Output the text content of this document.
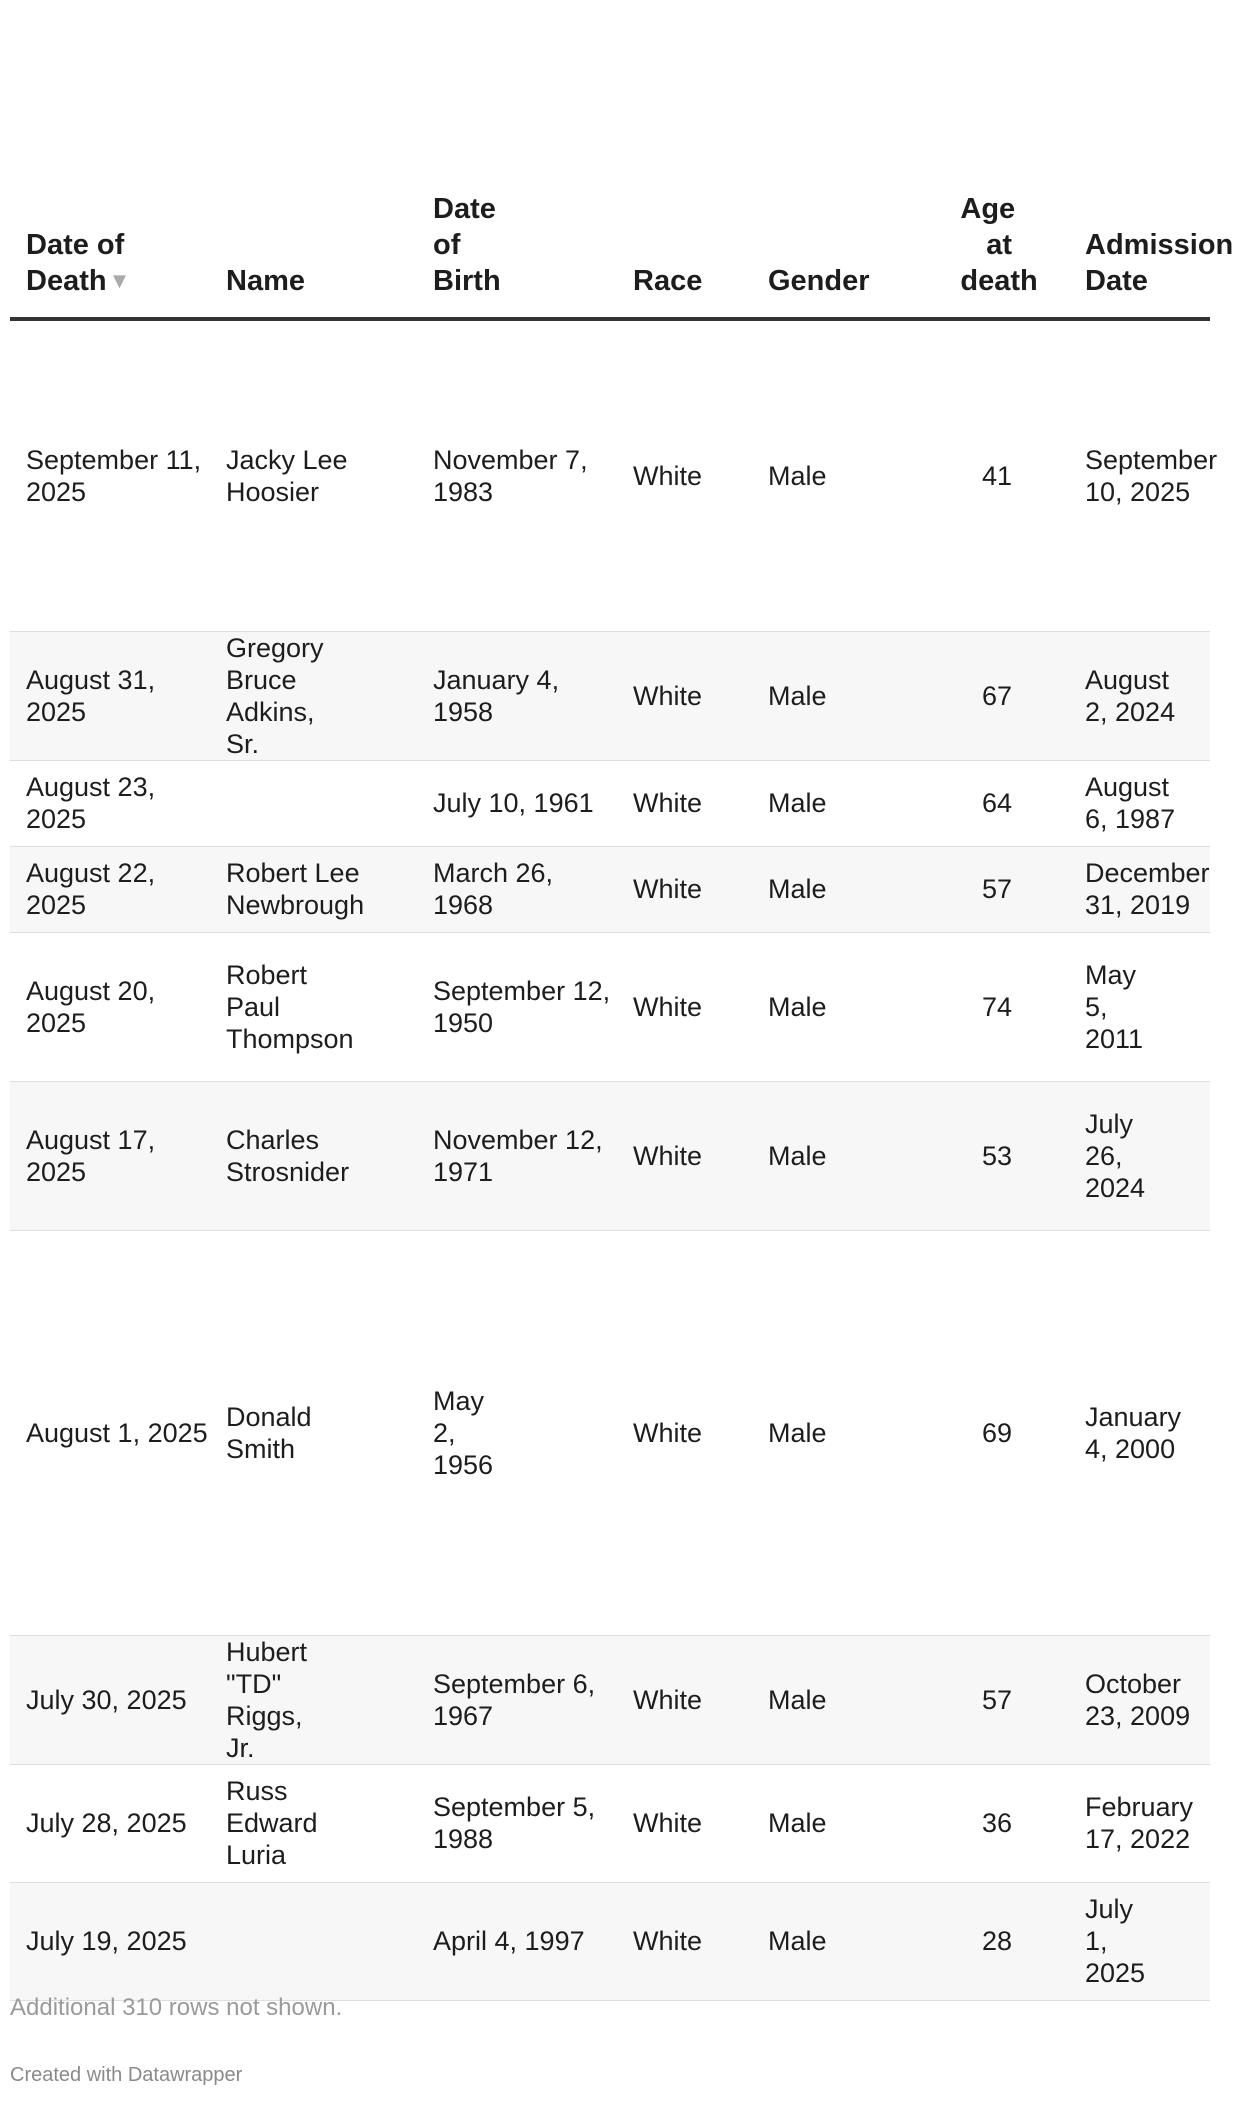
Date of Death▼	Name	Date of Birth	Race	Gender	Age at death	Admission Date
September 11, 2025	Jacky Lee Hoosier	November 7, 1983	White	Male	41	September 10, 2025
August 31, 2025	Gregory Bruce Adkins, Sr.	January 4, 1958	White	Male	67	August 2, 2024
August 23, 2025		July 10, 1961	White	Male	64	August 6, 1987
August 22, 2025	Robert Lee Newbrough	March 26, 1968	White	Male	57	December 31, 2019
August 20, 2025	Robert Paul Thompson	September 12, 1950	White	Male	74	May 5, 2011
August 17, 2025	Charles Strosnider	November 12, 1971	White	Male	53	July 26, 2024
August 1, 2025	Donald Smith	May 2, 1956	White	Male	69	January 4, 2000
July 30, 2025	Hubert "TD" Riggs, Jr.	September 6, 1967	White	Male	57	October 23, 2009
July 28, 2025	Russ Edward Luria	September 5, 1988	White	Male	36	February 17, 2022
July 19, 2025		April 4, 1997	White	Male	28	July 1, 2025
Additional 310 rows not shown.
Created with Datawrapper
